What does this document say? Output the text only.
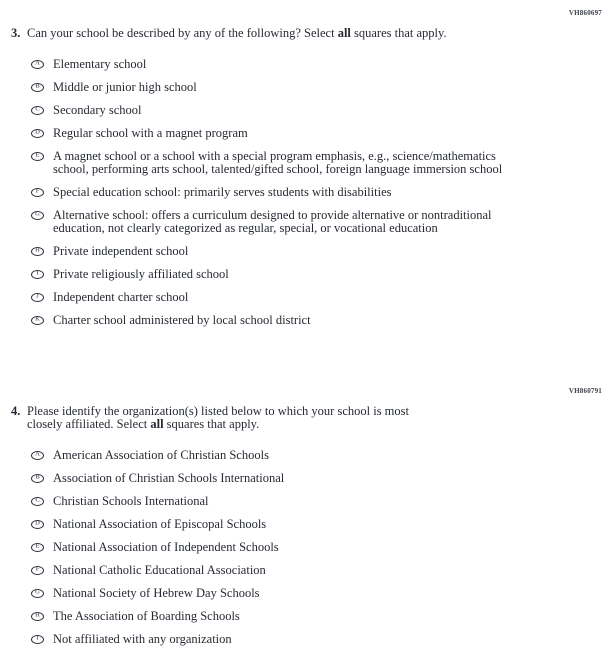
VH860697
3. Can your school be described by any of the following? Select all squares that apply.
A Elementary school
B Middle or junior high school
C Secondary school
D Regular school with a magnet program
E A magnet school or a school with a special program emphasis, e.g., science/mathematics
school, performing arts school, talented/gifted school, foreign language immersion school
F Special education school: primarily serves students with disabilities
G Alternative school: offers a curriculum designed to provide alternative or nontraditional
education, not clearly categorized as regular, special, or vocational education
H Private independent school
I Private religiously affiliated school
J Independent charter school
K Charter school administered by local school district
VH860791
4. Please identify the organization(s) listed below to which your school is most
closely affiliated. Select all squares that apply.
A American Association of Christian Schools
B Association of Christian Schools International
C Christian Schools International
D National Association of Episcopal Schools
E National Association of Independent Schools
F National Catholic Educational Association
G National Society of Hebrew Day Schools
H The Association of Boarding Schools
I Not affiliated with any organization
